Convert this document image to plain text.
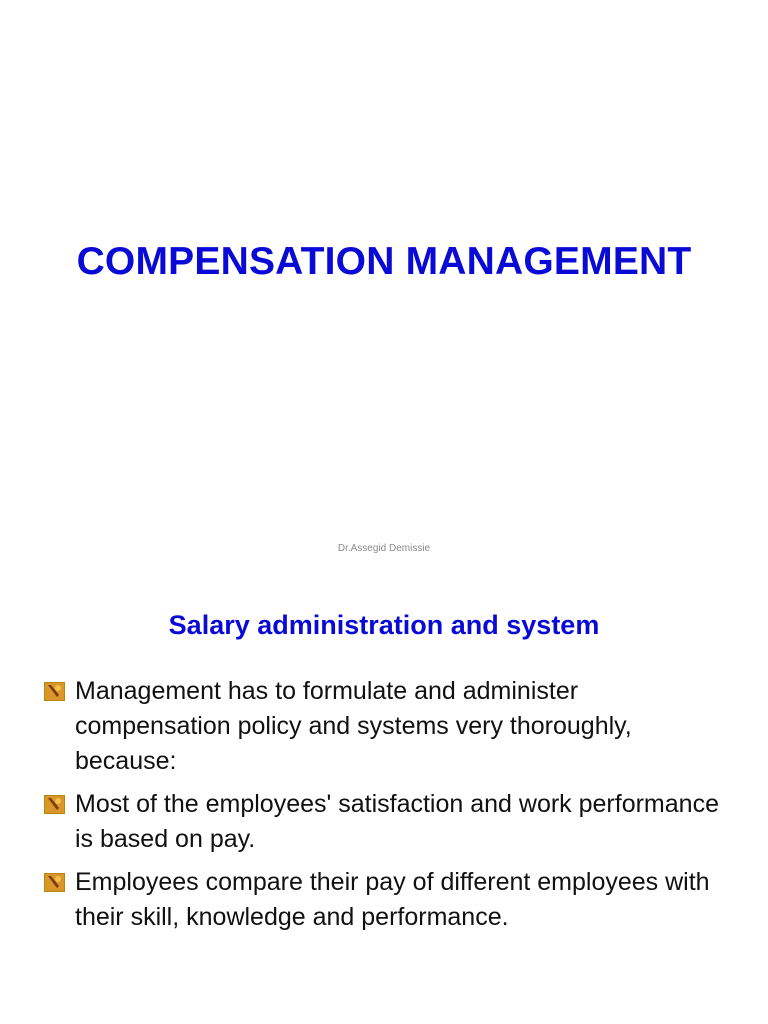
COMPENSATION MANAGEMENT
Dr.Assegid Demissie
Salary administration and system
Management has to formulate and administer compensation policy and systems very thoroughly, because:
Most of the employees' satisfaction and work performance is based on pay.
Employees compare their pay of different employees with their skill, knowledge and performance.
